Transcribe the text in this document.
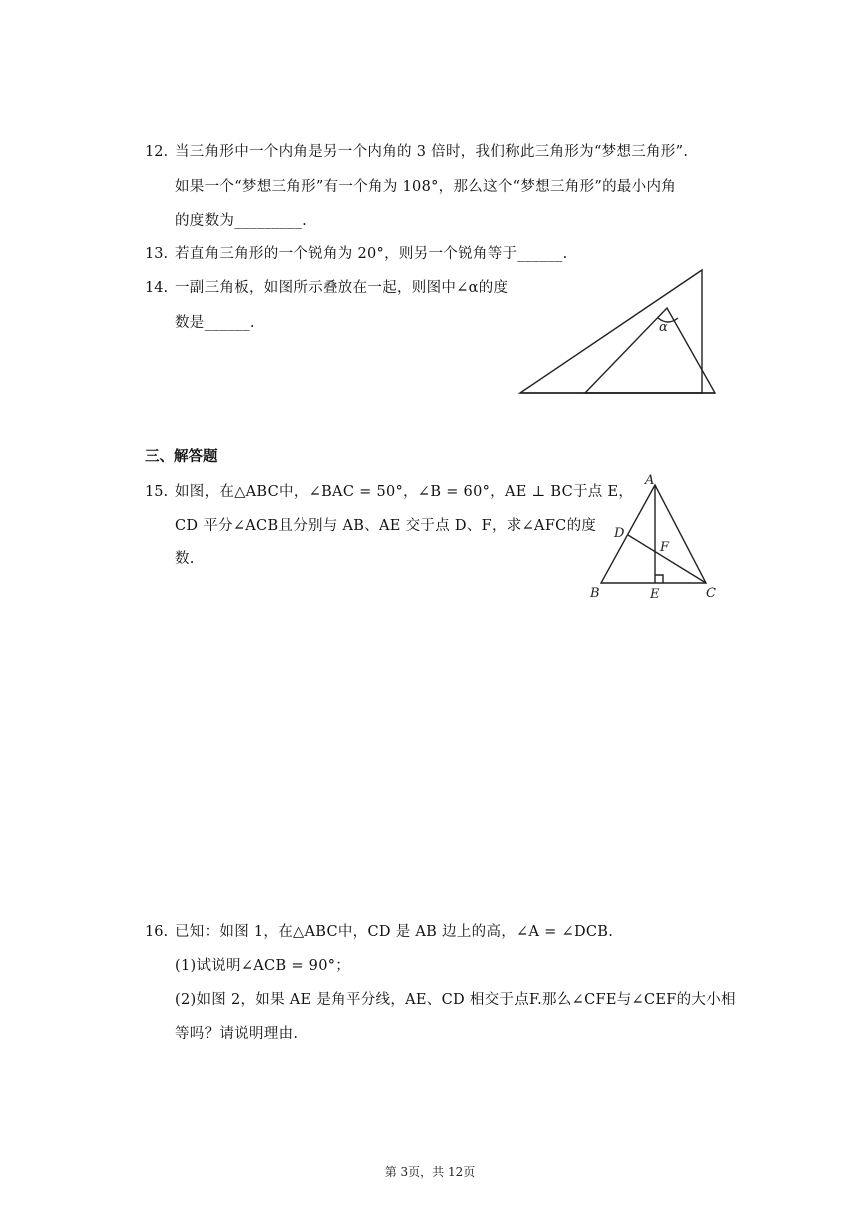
12. 当三角形中一个内角是另一个内角的 3 倍时，我们称此三角形为“梦想三角形”.
如果一个“梦想三角形”有一个角为 108°，那么这个“梦想三角形”的最小内角
的度数为_________.
13. 若直角三角形的一个锐角为 20°，则另一个锐角等于______.
14. 一副三角板，如图所示叠放在一起，则图中∠α的度
数是______.	α
三、解答题
15. 如图，在△ABC中，∠BAC = 50°，∠B = 60°，AE ⊥ BC于点 E，
CD 平分∠ACB且分别与 AB、AE 交于点 D、F，求∠AFC的度
数.
A
B	C
D
E
F
16. 已知：如图 1，在△ABC中，CD 是 AB 边上的高，∠A = ∠DCB.
(1)试说明∠ACB = 90°；
(2)如图 2，如果 AE 是角平分线，AE、CD 相交于点F.那么∠CFE与∠CEF的大小相
等吗？请说明理由.
第 3页，共 12页
